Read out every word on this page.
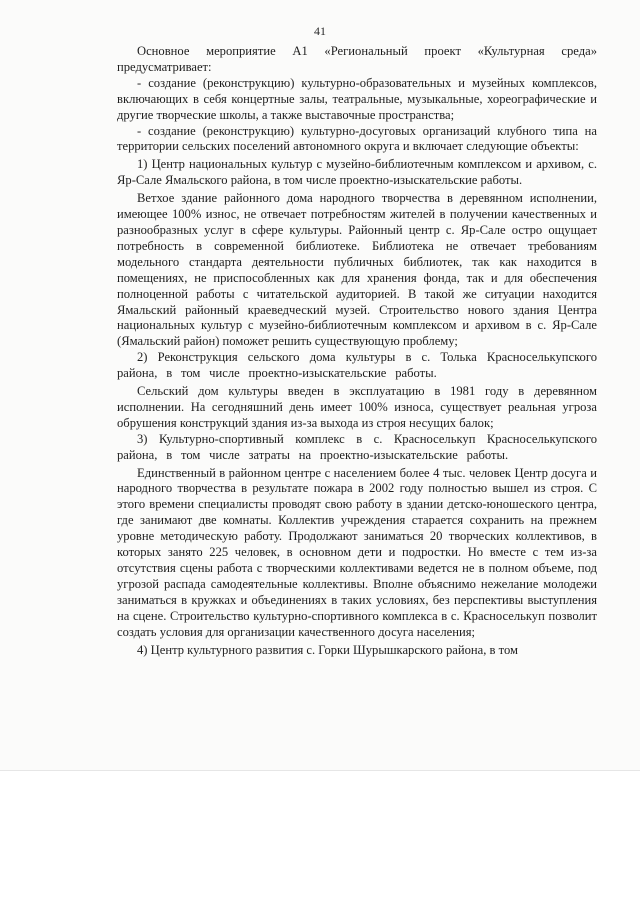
41

Основное мероприятие А1 «Региональный проект «Культурная среда» предусматривает:

- создание (реконструкцию) культурно-образовательных и музейных комплексов, включающих в себя концертные залы, театральные, музыкальные, хореографические и другие творческие школы, а также выставочные пространства;

- создание (реконструкцию) культурно-досуговых организаций клубного типа на территории сельских поселений автономного округа и включает следующие объекты:

1) Центр национальных культур с музейно-библиотечным комплексом и архивом, с. Яр-Сале Ямальского района, в том числе проектно-изыскательские работы.

Ветхое здание районного дома народного творчества в деревянном исполнении, имеющее 100% износ, не отвечает потребностям жителей в получении качественных и разнообразных услуг в сфере культуры. Районный центр с. Яр-Сале остро ощущает потребность в современной библиотеке. Библиотека не отвечает требованиям модельного стандарта деятельности публичных библиотек, так как находится в помещениях, не приспособленных как для хранения фонда, так и для обеспечения полноценной работы с читательской аудиторией. В такой же ситуации находится Ямальский районный краеведческий музей. Строительство нового здания Центра национальных культур с музейно-библиотечным комплексом и архивом в с. Яр-Сале (Ямальский район) поможет решить существующую проблему;

2) Реконструкция сельского дома культуры в с. Толька Красноселькупского района, в том числе проектно-изыскательские работы.

Сельский дом культуры введен в эксплуатацию в 1981 году в деревянном исполнении. На сегодняшний день имеет 100% износа, существует реальная угроза обрушения конструкций здания из-за выхода из строя несущих балок;

3) Культурно-спортивный комплекс в с. Красноселькуп Красноселькупского района, в том числе затраты на проектно-изыскательские работы.

Единственный в районном центре с населением более 4 тыс. человек Центр досуга и народного творчества в результате пожара в 2002 году полностью вышел из строя. С этого времени специалисты проводят свою работу в здании детско-юношеского центра, где занимают две комнаты. Коллектив учреждения старается сохранить на прежнем уровне методическую работу. Продолжают заниматься 20 творческих коллективов, в которых занято 225 человек, в основном дети и подростки. Но вместе с тем из-за отсутствия сцены работа с творческими коллективами ведется не в полном объеме, под угрозой распада самодеятельные коллективы. Вполне объяснимо нежелание молодежи заниматься в кружках и объединениях в таких условиях, без перспективы выступления на сцене. Строительство культурно-спортивного комплекса в с. Красноселькуп позволит создать условия для организации качественного досуга населения;

4) Центр культурного развития с. Горки Шурышкарского района, в том
